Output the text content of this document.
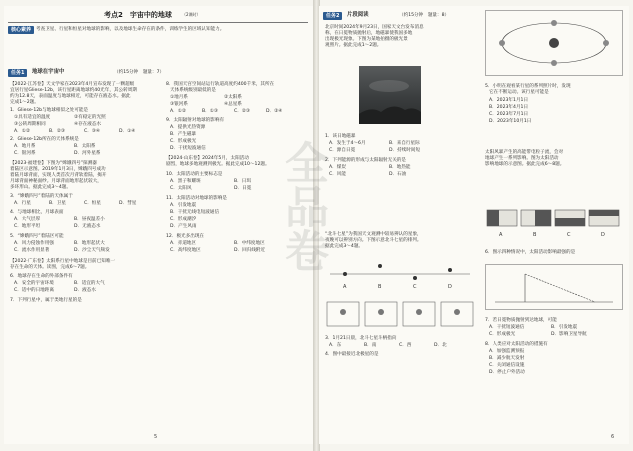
考点2　宇宙中的地球	（2课时）
核心素养	考查卫星、行星和恒星对地球的影响，以及地球生命存在的条件，训练学生的区域认知能力。
任务1	地球在宇宙中	（约15分钟　题量：7）
【2022·江苏卷】天文学家在2023年4月宣布发现了一颗超级
宜居行星Gliese-12b，该行星距离地球约40光年，其公转周期
约为12.8天，表面温度与地球相近，可能存在液态水。据此
完成1～2题。
1．Gliese-12b与地球相似之处可能是
①具有适宜的温度	②有稳定的光照
③公转周期相同	④存在液态水
A．①②	B．②③	C．③④	D．①④
2．Gliese-12b所在的天体系统是
A．地月系	B．太阳系
C．银河系	D．河外星系
【2023·福建卷】下图为“嫦娥四号”探测器
着陆区示意图。2019年1月3日，嫦娥四号成功
着陆月球背面，实现人类首次月背软着陆，揭开
月球背面神秘面纱。月球背面地形起伏较大，
多环形山。据此完成3～4题。
3．“嫦娥四号”着陆的天体属于
A．行星	B．卫星	C．恒星	D．彗星
4．与地球相比，月球表面
A．大气层厚	B．昼夜温差小
C．地形平坦	D．无液态水
5．“嫦娥四号”着陆区可能
A．风力侵蚀作用强	B．地形起伏大
C．流水作用显著	D．沙尘天气频发
【2022·广东卷】太阳系行星中地球是目前已知唯一
存在生命的天体。读图，完成6～7题。
6．地球存在生命的外部条件有
A．安全的宇宙环境	B．适宜的大气
C．适中的日地距离	D．液态水
7．下列行星中，属于类地行星的是
8．我国天宫空间站运行轨道高度约400千米，其所在
天体系统级别最低的是
①地月系	②太阳系
③银河系	④总星系
A．①②	B．①③	C．②③	D．②④
9．太阳辐射对地球的影响有
A．提供光热资源
B．产生磁暴
C．形成极光
D．干扰短波通信
【2024·山东卷】2024年5月，太阳活动
剧烈，地球多地观测到极光。据此完成10～12题。
10．太阳活动的主要标志是
A．黑子和耀斑	B．日珥
C．太阳风	D．日冕
11．太阳活动对地球的影响是
A．引发地震
B．干扰无线电短波通信
C．形成潮汐
D．产生风雨
12．极光多出现在
A．赤道地区	B．中纬度地区
C．高纬度地区	D．回归线附近
5
任务2	片段阅读	（约15分钟　题量：8）
北京时间2024年9月23日，国家天文台发布消息
称，在日冕物质抛射后，地磁暴使我国多地
出现极光现象。下图为某地拍摄的极光景
观照片。据此完成1～2题。
1．该日地磁暴
A．发生于4～6月	B．来自行星际
C．源自日冕	D．持续时间短
2．下列能源的形成与太阳辐射无关的是
A．煤炭	B．地热能
C．风能	D．石油
“北斗七星”为我国天文观测中较易辨认的星象，
夜晚可以辨别方向。下图示意北斗七星的排列。
据此完成3～4题。
A	B	C	D
3．1月21日晨，北斗七星斗柄指向
A．东	B．南	C．西	D．北
4．图中最接近北极星的是
5．小明在观看某行星的系列照片时，发现
它在不断运动。该行星可能是
A．2023年1月1日
B．2023年4月1日
C．2023年7月1日
D．2023年10月1日
太阳风暴产生的高能带电粒子流，会对
地球产生一系列影响。图为太阳活动
影响地球的示意图。据此完成6～8题。
A	B	C	D
6．图示四种情况中，太阳活动影响最强的是
7．若日冕物质抛射到达地球，可能
A．干扰短波通信	B．引发地震
C．形成极光	D．影响卫星导航
8．人类应对太阳活动的措施有
A．加强监测预报
B．减少航天发射
C．关闭通信设施
D．停止户外活动
6
全品卷
